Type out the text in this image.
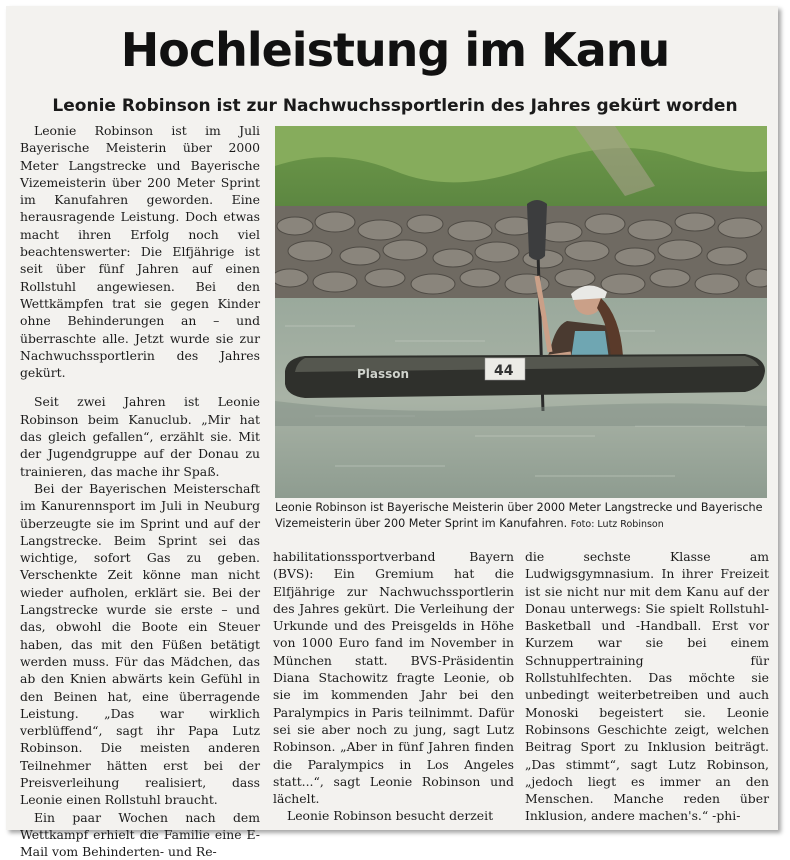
Hochleistung im Kanu
Leonie Robinson ist zur Nachwuchssportlerin des Jahres gekürt worden

Leonie Robinson ist im Juli Bayerische Meisterin über 2000 Meter Langstrecke und Bayerische Vizemeisterin über 200 Meter Sprint im Kanufahren geworden. Eine herausragende Leistung. Doch etwas macht ihren Erfolg noch viel beachtenswerter: Die Elfjährige ist seit über fünf Jahren auf einen Rollstuhl angewiesen. Bei den Wettkämpfen trat sie gegen Kinder ohne Behinderungen an – und überraschte alle. Jetzt wurde sie zur Nachwuchssportlerin des Jahres gekürt.

Seit zwei Jahren ist Leonie Robinson beim Kanuclub. „Mir hat das gleich gefallen“, erzählt sie. Mit der Jugendgruppe auf der Donau zu trainieren, das mache ihr Spaß.

Bei der Bayerischen Meisterschaft im Kanurennsport im Juli in Neuburg überzeugte sie im Sprint und auf der Langstrecke. Beim Sprint sei das wichtige, sofort Gas zu geben. Verschenkte Zeit könne man nicht wieder aufholen, erklärt sie. Bei der Langstrecke wurde sie erste – und das, obwohl die Boote ein Steuer haben, das mit den Füßen betätigt werden muss. Für das Mädchen, das ab den Knien abwärts kein Gefühl in den Beinen hat, eine überragende Leistung. „Das war wirklich verblüffend“, sagt ihr Papa Lutz Robinson. Die meisten anderen Teilnehmer hätten erst bei der Preisverleihung realisiert, dass Leonie einen Rollstuhl braucht.

Ein paar Wochen nach dem Wettkampf erhielt die Familie eine E-Mail vom Behinderten- und Re-

Plasson	44

Leonie Robinson ist Bayerische Meisterin über 2000 Meter Langstrecke und Bayerische Vizemeisterin über 200 Meter Sprint im Kanufahren. Foto: Lutz Robinson

habilitationssportverband Bayern (BVS): Ein Gremium hat die Elfjährige zur Nachwuchssportlerin des Jahres gekürt. Die Verleihung der Urkunde und des Preisgelds in Höhe von 1000 Euro fand im November in München statt. BVS-Präsidentin Diana Stachowitz fragte Leonie, ob sie im kommenden Jahr bei den Paralympics in Paris teilnimmt. Dafür sei sie aber noch zu jung, sagt Lutz Robinson. „Aber in fünf Jahren finden die Paralympics in Los Angeles statt...“, sagt Leonie Robinson und lächelt.

Leonie Robinson besucht derzeit

die sechste Klasse am Ludwigsgymnasium. In ihrer Freizeit ist sie nicht nur mit dem Kanu auf der Donau unterwegs: Sie spielt Rollstuhl-Basketball und -Handball. Erst vor Kurzem war sie bei einem Schnuppertraining für Rollstuhlfechten. Das möchte sie unbedingt weiterbetreiben und auch Monoski begeistert sie. Leonie Robinsons Geschichte zeigt, welchen Beitrag Sport zu Inklusion beiträgt. „Das stimmt“, sagt Lutz Robinson, „jedoch liegt es immer an den Menschen. Manche reden über Inklusion, andere machen's.“ -phi-
